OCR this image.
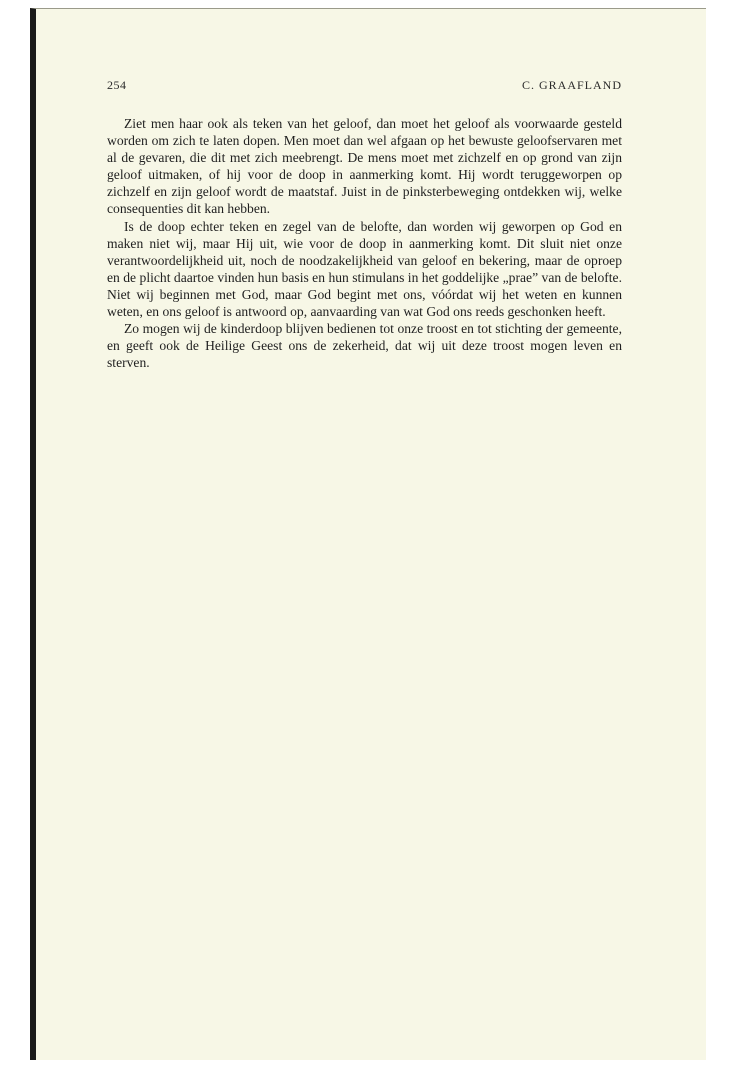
254	C. GRAAFLAND

Ziet men haar ook als teken van het geloof, dan moet het geloof als voorwaarde gesteld worden om zich te laten dopen. Men moet dan wel afgaan op het bewuste geloofservaren met al de gevaren, die dit met zich meebrengt. De mens moet met zichzelf en op grond van zijn geloof uitmaken, of hij voor de doop in aanmerking komt. Hij wordt teruggeworpen op zichzelf en zijn geloof wordt de maatstaf. Juist in de pinksterbeweging ontdekken wij, welke consequenties dit kan hebben.

Is de doop echter teken en zegel van de belofte, dan worden wij geworpen op God en maken niet wij, maar Hij uit, wie voor de doop in aanmerking komt. Dit sluit niet onze verantwoordelijkheid uit, noch de noodzakelijkheid van geloof en bekering, maar de oproep en de plicht daartoe vinden hun basis en hun stimulans in het goddelijke „prae” van de belofte. Niet wij beginnen met God, maar God begint met ons, vóórdat wij het weten en kunnen weten, en ons geloof is antwoord op, aanvaarding van wat God ons reeds geschonken heeft.

Zo mogen wij de kinderdoop blijven bedienen tot onze troost en tot stichting der gemeente, en geeft ook de Heilige Geest ons de zekerheid, dat wij uit deze troost mogen leven en sterven.
